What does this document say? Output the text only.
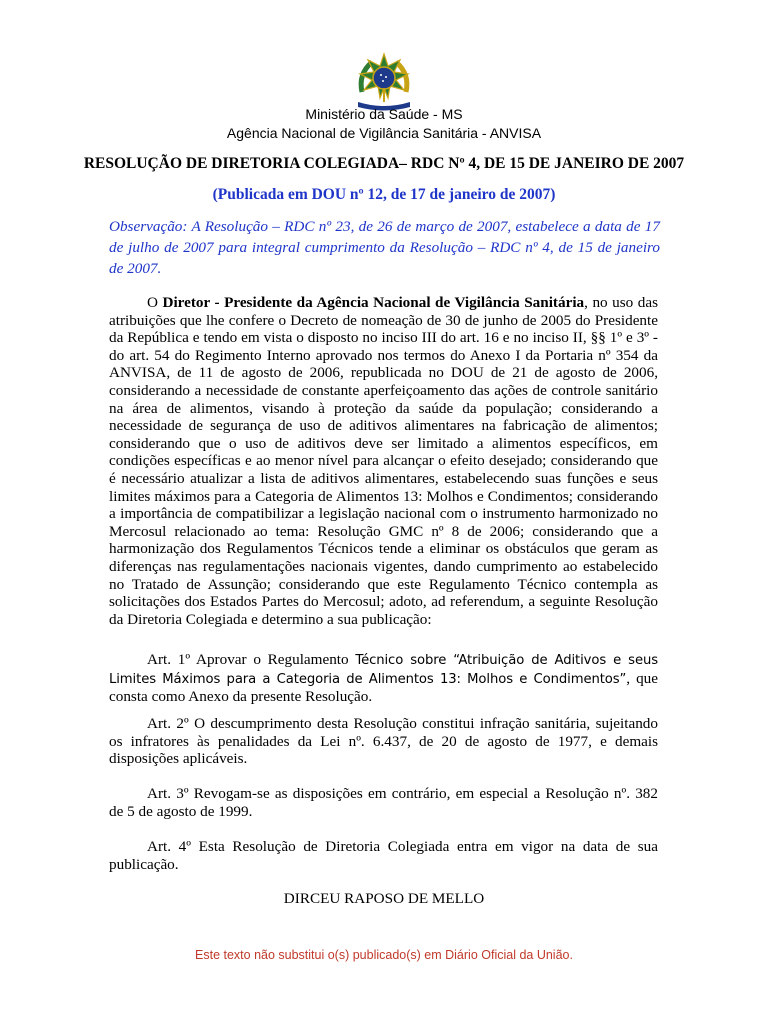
Ministério da Saúde - MS
Agência Nacional de Vigilância Sanitária - ANVISA
RESOLUÇÃO DE DIRETORIA COLEGIADA– RDC Nº 4, DE 15 DE JANEIRO DE 2007
(Publicada em DOU nº 12, de 17 de janeiro de 2007)
Observação: A Resolução – RDC nº 23, de 26 de março de 2007, estabelece a data de 17 de julho de 2007 para integral cumprimento da Resolução – RDC nº 4, de 15 de janeiro de 2007.
O Diretor - Presidente da Agência Nacional de Vigilância Sanitária, no uso das atribuições que lhe confere o Decreto de nomeação de 30 de junho de 2005 do Presidente da República e tendo em vista o disposto no inciso III do art. 16 e no inciso II, §§ 1º e 3º - do art. 54 do Regimento Interno aprovado nos termos do Anexo I da Portaria nº 354 da ANVISA, de 11 de agosto de 2006, republicada no DOU de 21 de agosto de 2006, considerando a necessidade de constante aperfeiçoamento das ações de controle sanitário na área de alimentos, visando à proteção da saúde da população; considerando a necessidade de segurança de uso de aditivos alimentares na fabricação de alimentos; considerando que o uso de aditivos deve ser limitado a alimentos específicos, em condições específicas e ao menor nível para alcançar o efeito desejado; considerando que é necessário atualizar a lista de aditivos alimentares, estabelecendo suas funções e seus limites máximos para a Categoria de Alimentos 13: Molhos e Condimentos; considerando a importância de compatibilizar a legislação nacional com o instrumento harmonizado no Mercosul relacionado ao tema: Resolução GMC nº 8 de 2006; considerando que a harmonização dos Regulamentos Técnicos tende a eliminar os obstáculos que geram as diferenças nas regulamentações nacionais vigentes, dando cumprimento ao estabelecido no Tratado de Assunção; considerando que este Regulamento Técnico contempla as solicitações dos Estados Partes do Mercosul; adoto, ad referendum, a seguinte Resolução da Diretoria Colegiada e determino a sua publicação:
Art. 1º Aprovar o Regulamento Técnico sobre “Atribuição de Aditivos e seus Limites Máximos para a Categoria de Alimentos 13: Molhos e Condimentos”, que consta como Anexo da presente Resolução.
Art. 2º O descumprimento desta Resolução constitui infração sanitária, sujeitando os infratores às penalidades da Lei nº. 6.437, de 20 de agosto de 1977, e demais disposições aplicáveis.
Art. 3º Revogam-se as disposições em contrário, em especial a Resolução nº. 382 de 5 de agosto de 1999.
Art. 4º Esta Resolução de Diretoria Colegiada entra em vigor na data de sua publicação.
DIRCEU RAPOSO DE MELLO
Este texto não substitui o(s) publicado(s) em Diário Oficial da União.
